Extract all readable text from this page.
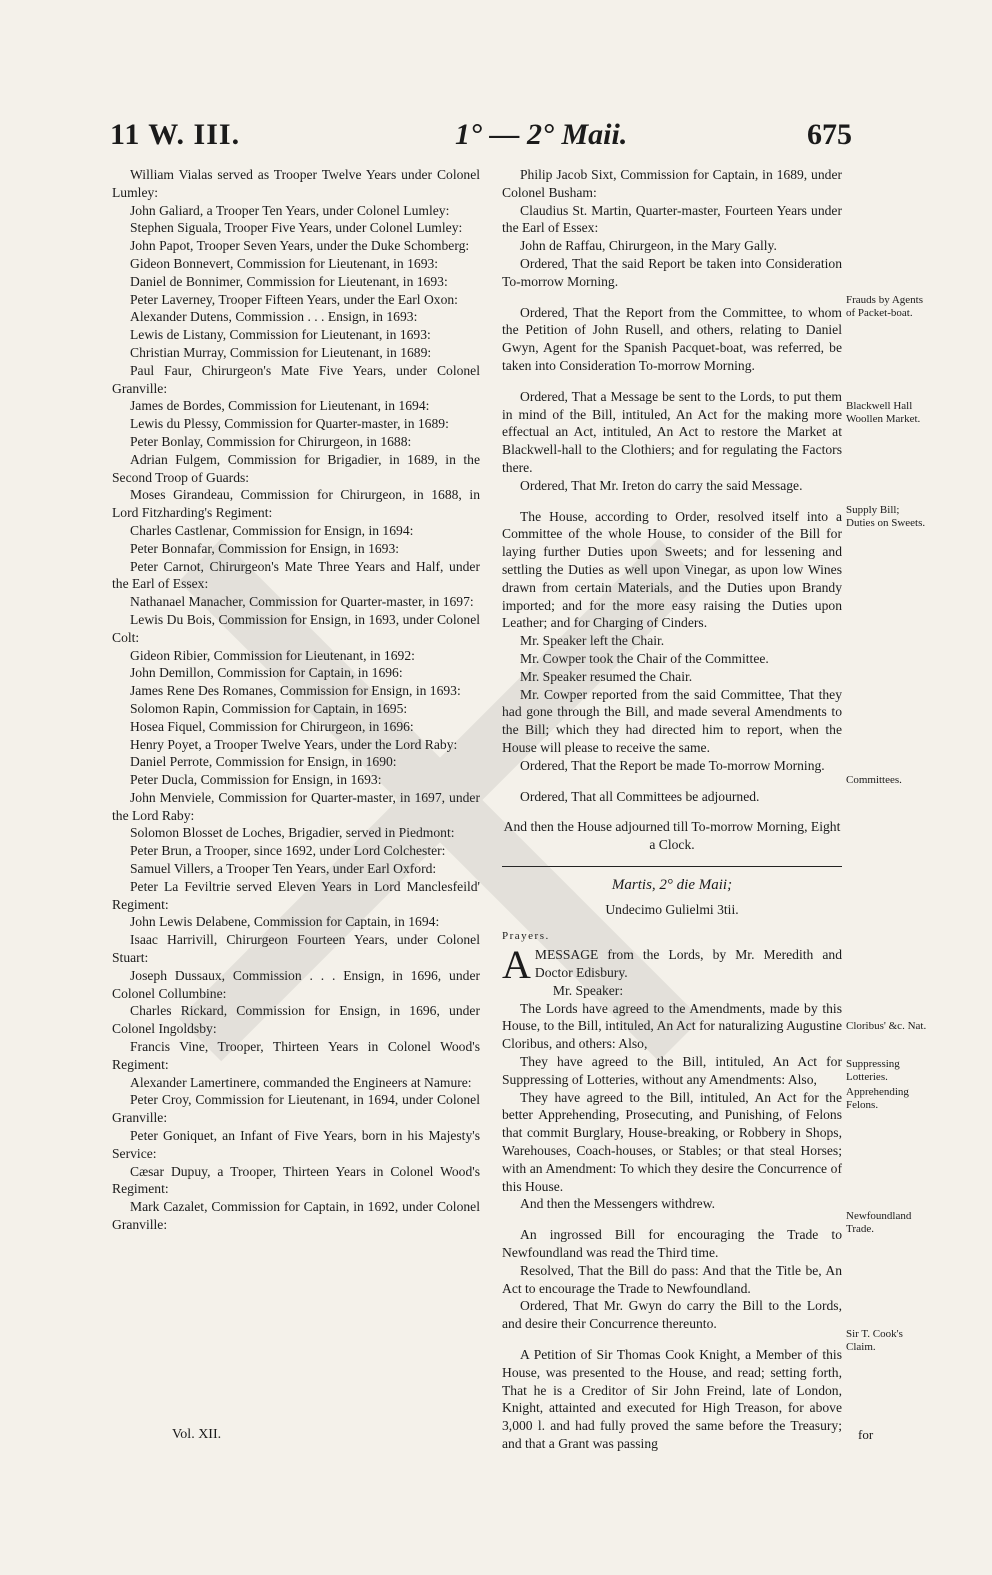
11 W. III.	1° — 2° Maii.	675

William Vialas served as Trooper Twelve Years under Colonel Lumley:

John Galiard, a Trooper Ten Years, under Colonel Lumley:

Stephen Siguala, Trooper Five Years, under Colonel Lumley:

John Papot, Trooper Seven Years, under the Duke Schomberg:

Gideon Bonnevert, Commission for Lieutenant, in 1693:

Daniel de Bonnimer, Commission for Lieutenant, in 1693:

Peter Laverney, Trooper Fifteen Years, under the Earl Oxon:

Alexander Dutens, Commission . . . Ensign, in 1693:

Lewis de Listany, Commission for Lieutenant, in 1693:

Christian Murray, Commission for Lieutenant, in 1689:

Paul Faur, Chirurgeon's Mate Five Years, under Colonel Granville:

James de Bordes, Commission for Lieutenant, in 1694:

Lewis du Plessy, Commission for Quarter-master, in 1689:

Peter Bonlay, Commission for Chirurgeon, in 1688:

Adrian Fulgem, Commission for Brigadier, in 1689, in the Second Troop of Guards:

Moses Girandeau, Commission for Chirurgeon, in 1688, in Lord Fitzharding's Regiment:

Charles Castlenar, Commission for Ensign, in 1694:

Peter Bonnafar, Commission for Ensign, in 1693:

Peter Carnot, Chirurgeon's Mate Three Years and Half, under the Earl of Essex:

Nathanael Manacher, Commission for Quarter-master, in 1697:

Lewis Du Bois, Commission for Ensign, in 1693, under Colonel Colt:

Gideon Ribier, Commission for Lieutenant, in 1692:

John Demillon, Commission for Captain, in 1696:

James Rene Des Romanes, Commission for Ensign, in 1693:

Solomon Rapin, Commission for Captain, in 1695:

Hosea Fiquel, Commission for Chirurgeon, in 1696:

Henry Poyet, a Trooper Twelve Years, under the Lord Raby:

Daniel Perrote, Commission for Ensign, in 1690:

Peter Ducla, Commission for Ensign, in 1693:

John Menviele, Commission for Quarter-master, in 1697, under the Lord Raby:

Solomon Blosset de Loches, Brigadier, served in Piedmont:

Peter Brun, a Trooper, since 1692, under Lord Colchester:

Samuel Villers, a Trooper Ten Years, under Earl Oxford:

Peter La Feviltrie served Eleven Years in Lord Manclesfeild' Regiment:

John Lewis Delabene, Commission for Captain, in 1694:

Isaac Harrivill, Chirurgeon Fourteen Years, under Colonel Stuart:

Joseph Dussaux, Commission . . . Ensign, in 1696, under Colonel Collumbine:

Charles Rickard, Commission for Ensign, in 1696, under Colonel Ingoldsby:

Francis Vine, Trooper, Thirteen Years in Colonel Wood's Regiment:

Alexander Lamertinere, commanded the Engineers at Namure:

Peter Croy, Commission for Lieutenant, in 1694, under Colonel Granville:

Peter Goniquet, an Infant of Five Years, born in his Majesty's Service:

Cæsar Dupuy, a Trooper, Thirteen Years in Colonel Wood's Regiment:

Mark Cazalet, Commission for Captain, in 1692, under Colonel Granville:

Philip Jacob Sixt, Commission for Captain, in 1689, under Colonel Busham:

Claudius St. Martin, Quarter-master, Fourteen Years under the Earl of Essex:

John de Raffau, Chirurgeon, in the Mary Gally.

Ordered, That the said Report be taken into Consideration To-morrow Morning.

Ordered, That the Report from the Committee, to whom the Petition of John Rusell, and others, relating to Daniel Gwyn, Agent for the Spanish Pacquet-boat, was referred, be taken into Consideration To-morrow Morning.

Ordered, That a Message be sent to the Lords, to put them in mind of the Bill, intituled, An Act for the making more effectual an Act, intituled, An Act to restore the Market at Blackwell-hall to the Clothiers; and for regulating the Factors there.

Ordered, That Mr. Ireton do carry the said Message.

The House, according to Order, resolved itself into a Committee of the whole House, to consider of the Bill for laying further Duties upon Sweets; and for lessening and settling the Duties as well upon Vinegar, as upon low Wines drawn from certain Materials, and the Duties upon Brandy imported; and for the more easy raising the Duties upon Leather; and for Charging of Cinders.

Mr. Speaker left the Chair.

Mr. Cowper took the Chair of the Committee.

Mr. Speaker resumed the Chair.

Mr. Cowper reported from the said Committee, That they had gone through the Bill, and made several Amendments to the Bill; which they had directed him to report, when the House will please to receive the same.

Ordered, That the Report be made To-morrow Morning.

Ordered, That all Committees be adjourned.

And then the House adjourned till To-morrow Morning, Eight a Clock.

Martis, 2° die Maii;

Undecimo Gulielmi 3tii.

Prayers.

A MESSAGE from the Lords, by Mr. Meredith and Doctor Edisbury.

Mr. Speaker:

The Lords have agreed to the Amendments, made by this House, to the Bill, intituled, An Act for naturalizing Augustine Cloribus, and others: Also,

They have agreed to the Bill, intituled, An Act for Suppressing of Lotteries, without any Amendments: Also,

They have agreed to the Bill, intituled, An Act for the better Apprehending, Prosecuting, and Punishing, of Felons that commit Burglary, House-breaking, or Robbery in Shops, Warehouses, Coach-houses, or Stables; or that steal Horses; with an Amendment: To which they desire the Concurrence of this House.

And then the Messengers withdrew.

An ingrossed Bill for encouraging the Trade to Newfoundland was read the Third time.

Resolved, That the Bill do pass: And that the Title be, An Act to encourage the Trade to Newfoundland.

Ordered, That Mr. Gwyn do carry the Bill to the Lords, and desire their Concurrence thereunto.

A Petition of Sir Thomas Cook Knight, a Member of this House, was presented to the House, and read; setting forth, That he is a Creditor of Sir John Freind, late of London, Knight, attainted and executed for High Treason, for above 3,000 l. and had fully proved the same before the Treasury; and that a Grant was passing

Frauds by Agents of Packet-boat.
Blackwell Hall Woollen Market.
Supply Bill; Duties on Sweets.
Committees.
Cloribus' &c. Nat.
Suppressing Lotteries.
Apprehending Felons.
Newfoundland Trade.
Sir T. Cook's Claim.
Vol. XII.	for
